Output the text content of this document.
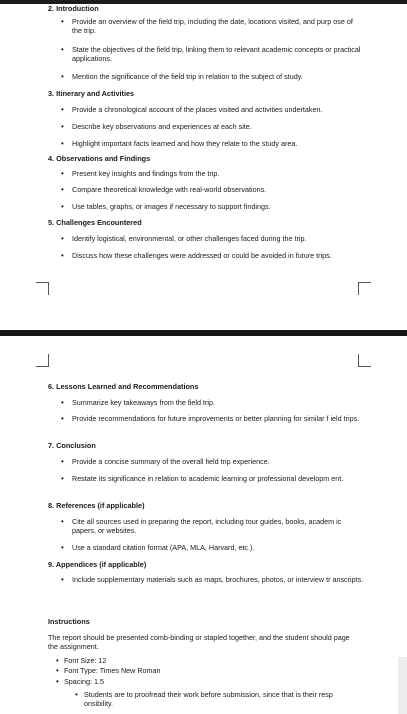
2. Introduction
• Provide an overview of the field trip, including the date, locations visited, and purp ose of the trip.
• State the objectives of the field trip, linking them to relevant academic concepts or practical applications.
• Mention the significance of the field trip in relation to the subject of study.
3. Itinerary and Activities
• Provide a chronological account of the places visited and activities undertaken.
• Describe key observations and experiences at each site.
• Highlight important facts learned and how they relate to the study area.
4. Observations and Findings
• Present key insights and findings from the trip.
• Compare theoretical knowledge with real-world observations.
• Use tables, graphs, or images if necessary to support findings.
5. Challenges Encountered
• Identify logistical, environmental, or other challenges faced during the trip.
• Discuss how these challenges were addressed or could be avoided in future trips.
6. Lessons Learned and Recommendations
• Summarize key takeaways from the field trip.
• Provide recommendations for future improvements or better planning for similar f ield trips.
7. Conclusion
• Provide a concise summary of the overall field trip experience.
• Restate its significance in relation to academic learning or professional developm ent.
8. References (if applicable)
• Cite all sources used in preparing the report, including tour guides, books, academ ic papers, or websites.
• Use a standard citation format (APA, MLA, Harvard, etc.).
9. Appendices (if applicable)
• Include supplementary materials such as maps, brochures, photos, or interview tr anscripts.
Instructions
The report should be presented comb-binding or stapled together, and the student should page the assignment.
• Font Size: 12
• Font Type: Times New Roman
• Spacing: 1.5
• Students are to proofread their work before submission, since that is their resp onsibility.
